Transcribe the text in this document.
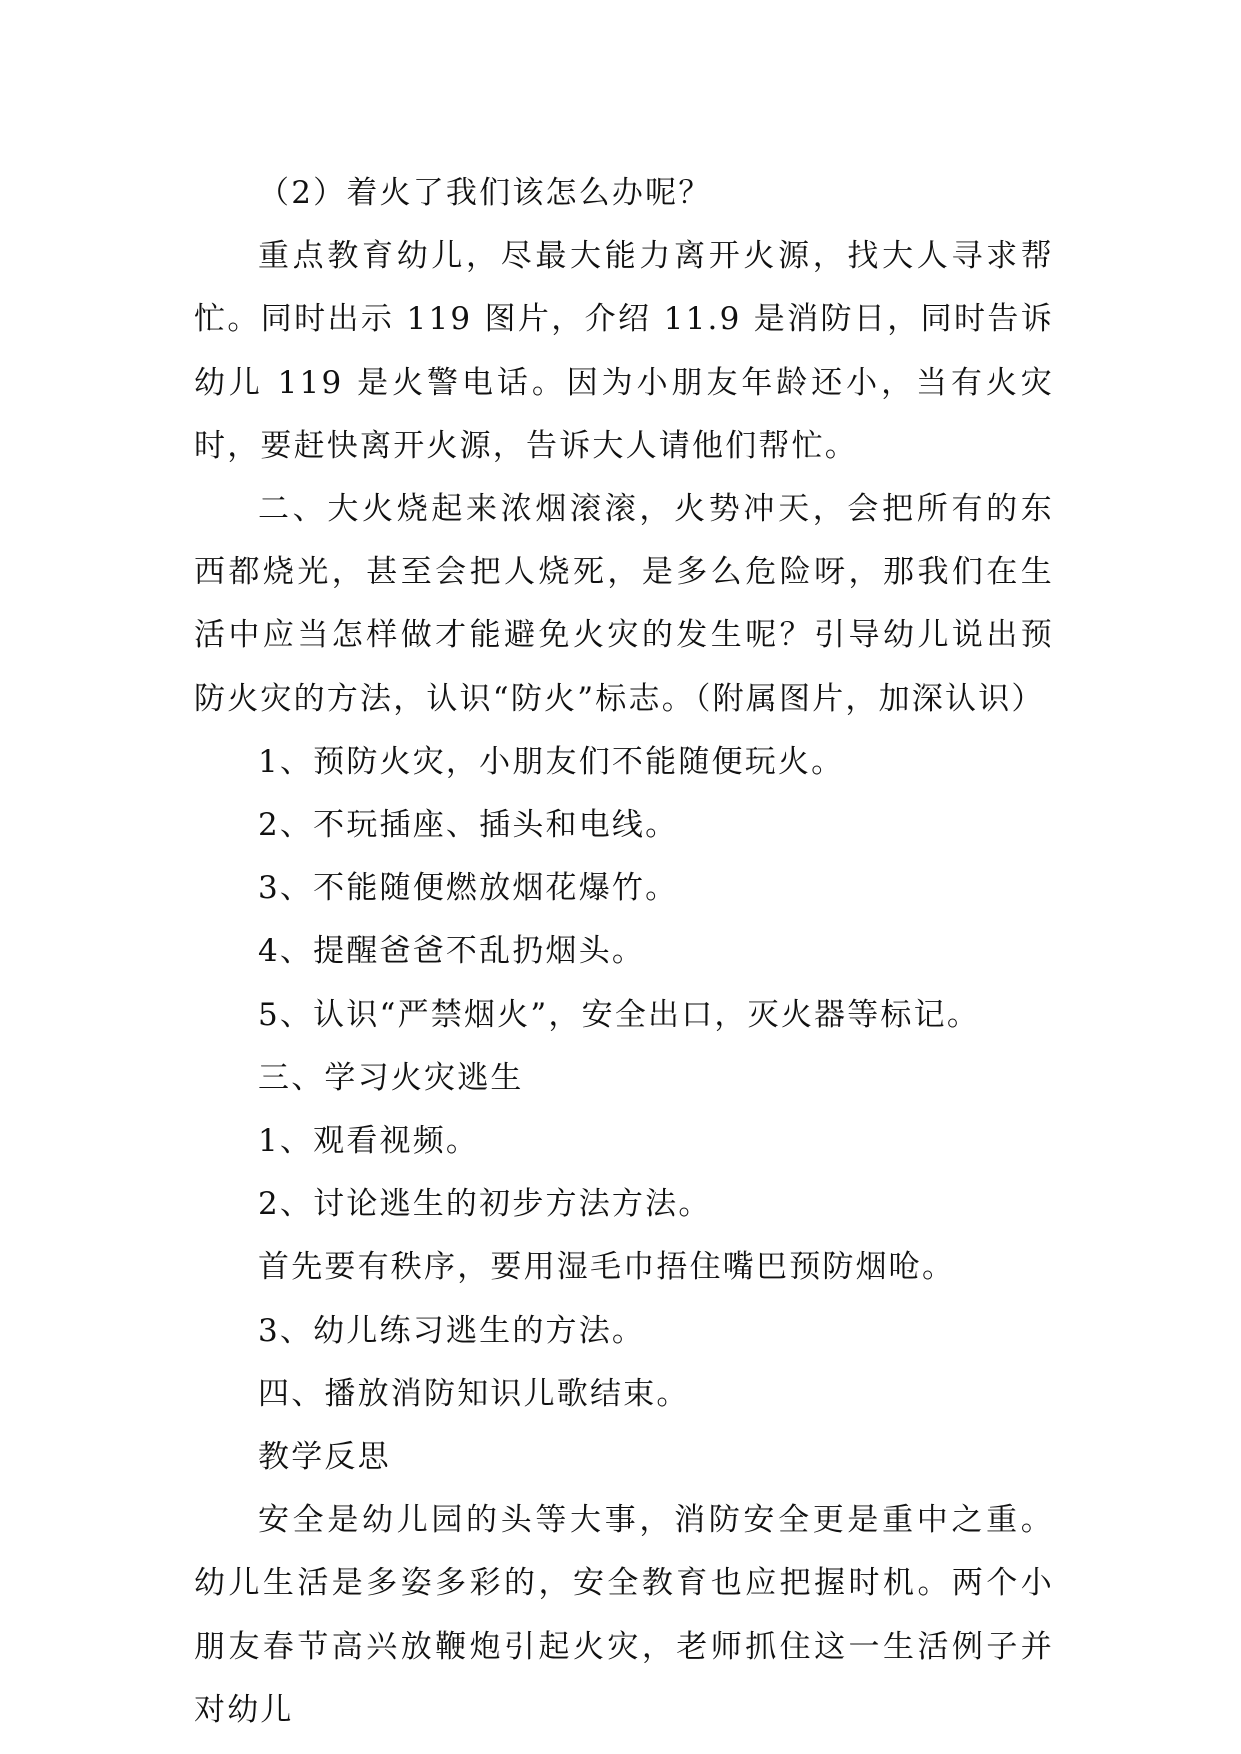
（2）着火了我们该怎么办呢？

重点教育幼儿，尽最大能力离开火源，找大人寻求帮忙。同时出示 119 图片，介绍 11.9 是消防日，同时告诉幼儿 119 是火警电话。因为小朋友年龄还小，当有火灾时，要赶快离开火源，告诉大人请他们帮忙。

二、大火烧起来浓烟滚滚，火势冲天，会把所有的东西都烧光，甚至会把人烧死，是多么危险呀，那我们在生活中应当怎样做才能避免火灾的发生呢？引导幼儿说出预防火灾的方法，认识“防火”标志。（附属图片，加深认识）

1、预防火灾，小朋友们不能随便玩火。

2、不玩插座、插头和电线。

3、不能随便燃放烟花爆竹。

4、提醒爸爸不乱扔烟头。

5、认识“严禁烟火”，安全出口，灭火器等标记。

三、学习火灾逃生

1、观看视频。

2、讨论逃生的初步方法方法。

首先要有秩序，要用湿毛巾捂住嘴巴预防烟呛。

3、幼儿练习逃生的方法。

四、播放消防知识儿歌结束。

教学反思

安全是幼儿园的头等大事，消防安全更是重中之重。幼儿生活是多姿多彩的，安全教育也应把握时机。两个小朋友春节高兴放鞭炮引起火灾，老师抓住这一生活例子并对幼儿
